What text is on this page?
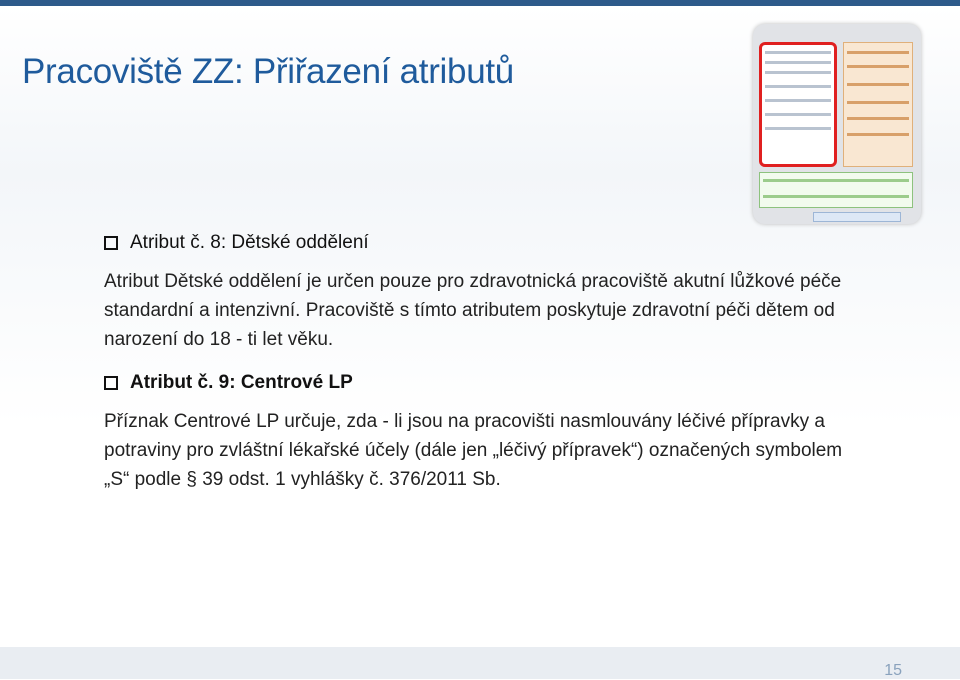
Pracoviště ZZ: Přiřazení atributů
Atribut č. 8: Dětské oddělení
Atribut Dětské oddělení je určen pouze pro zdravotnická pracoviště akutní lůžkové péče standardní a intenzivní. Pracoviště s tímto atributem poskytuje zdravotní péči dětem od narození do 18 - ti let věku.
Atribut č. 9: Centrové LP
Příznak Centrové LP určuje, zda - li jsou na pracovišti nasmlouvány léčivé přípravky a potraviny pro zvláštní lékařské účely (dále jen „léčivý přípravek“) označených symbolem „S“ podle § 39 odst. 1 vyhlášky č. 376/2011 Sb.
15
